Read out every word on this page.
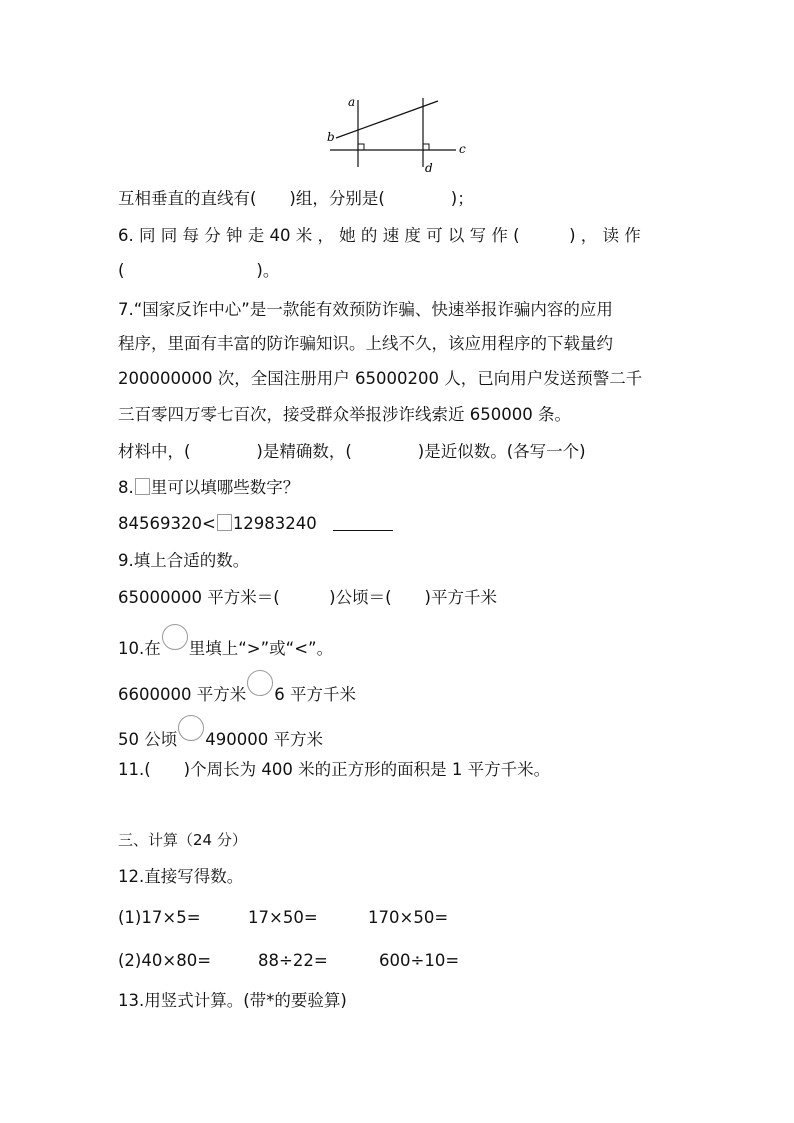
a
b
c
d
互相垂直的直线有(　　)组，分别是(　　　　)；
6. 同 同 每 分 钟 走 40 米 ， 她 的 速 度 可 以 写 作 (　　　) ， 读 作
(　　　　　　　　)。
7.“国家反诈中心”是一款能有效预防诈骗、快速举报诈骗内容的应用
程序，里面有丰富的防诈骗知识。上线不久，该应用程序的下载量约
200000000 次，全国注册用户 65000200 人，已向用户发送预警二千
三百零四万零七百次，接受群众举报涉诈线索近 650000 条。
材料中，(　　　　)是精确数，(　　　　)是近似数。(各写一个)
8. 里可以填哪些数字？
84569320< 12983240
9.填上合适的数。
65000000 平方米＝(　　　)公顷＝(　　)平方千米
10.在 里填上“>”或“<”。
6600000 平方米 6 平方千米
50 公顷 490000 平方米
11.(　　)个周长为 400 米的正方形的面积是 1 平方千米。
三、计算（24 分）
12.直接写得数。
(1)17×5=	17×50=	170×50=
(2)40×80=	88÷22=	600÷10=
13.用竖式计算。(带*的要验算)
